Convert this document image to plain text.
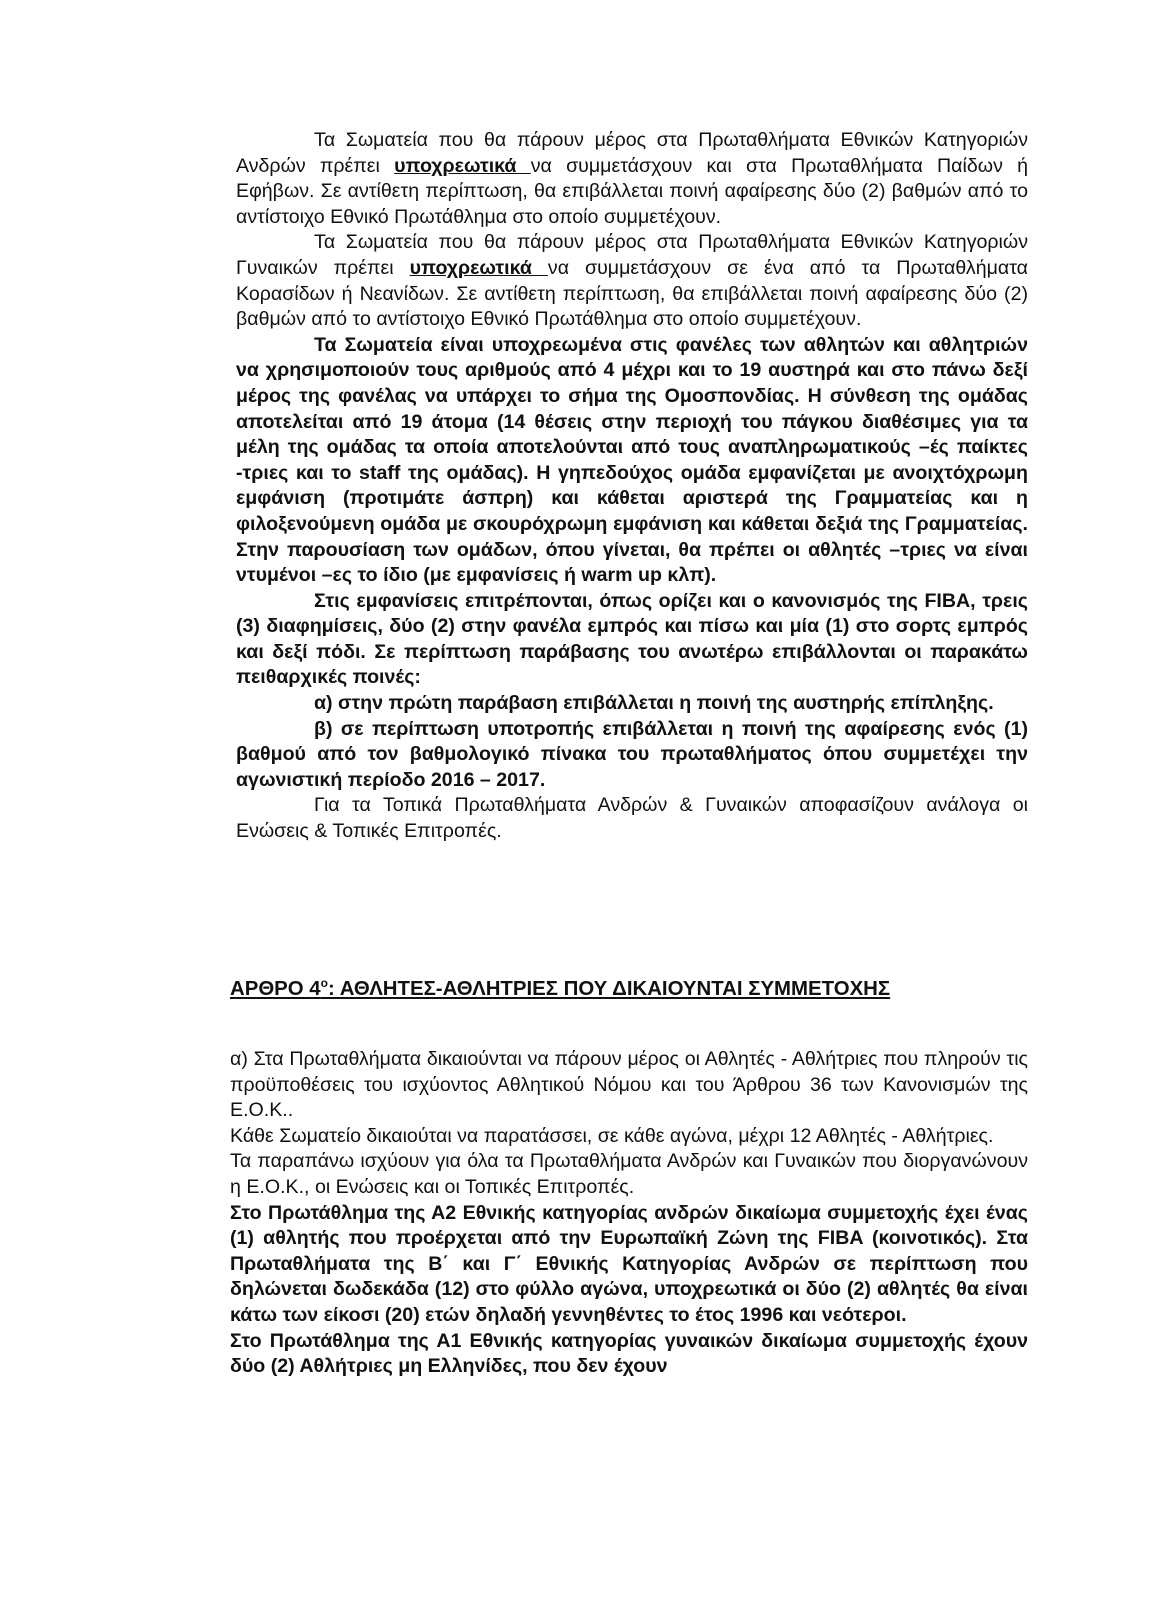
Τα Σωματεία που θα πάρουν μέρος στα Πρωταθλήματα Εθνικών Κατηγοριών Ανδρών πρέπει υποχρεωτικά να συμμετάσχουν και στα Πρωταθλήματα Παίδων ή Εφήβων. Σε αντίθετη περίπτωση, θα επιβάλλεται ποινή αφαίρεσης δύο (2) βαθμών από το αντίστοιχο Εθνικό Πρωτάθλημα στο οποίο συμμετέχουν.

Τα Σωματεία που θα πάρουν μέρος στα Πρωταθλήματα Εθνικών Κατηγοριών Γυναικών πρέπει υποχρεωτικά να συμμετάσχουν σε ένα από τα Πρωταθλήματα Κορασίδων ή Νεανίδων. Σε αντίθετη περίπτωση, θα επιβάλλεται ποινή αφαίρεσης δύο (2) βαθμών από το αντίστοιχο Εθνικό Πρωτάθλημα στο οποίο συμμετέχουν.

Τα Σωματεία είναι υποχρεωμένα στις φανέλες των αθλητών και αθλητριών να χρησιμοποιούν τους αριθμούς από 4 μέχρι και το 19 αυστηρά και στο πάνω δεξί μέρος της φανέλας να υπάρχει το σήμα της Ομοσπονδίας. Η σύνθεση της ομάδας αποτελείται από 19 άτομα (14 θέσεις στην περιοχή του πάγκου διαθέσιμες για τα μέλη της ομάδας τα οποία αποτελούνται από τους αναπληρωματικούς –ές παίκτες -τριες και το staff της ομάδας). Η γηπεδούχος ομάδα εμφανίζεται με ανοιχτόχρωμη εμφάνιση (προτιμάτε άσπρη) και κάθεται αριστερά της Γραμματείας και η φιλοξενούμενη ομάδα με σκουρόχρωμη εμφάνιση και κάθεται δεξιά της Γραμματείας. Στην παρουσίαση των ομάδων, όπου γίνεται, θα πρέπει οι αθλητές –τριες να είναι ντυμένοι –ες το ίδιο (με εμφανίσεις ή warm up κλπ).

Στις εμφανίσεις επιτρέπονται, όπως ορίζει και ο κανονισμός της FIBA, τρεις (3) διαφημίσεις, δύο (2) στην φανέλα εμπρός και πίσω και μία (1) στο σορτς εμπρός και δεξί πόδι. Σε περίπτωση παράβασης του ανωτέρω επιβάλλονται οι παρακάτω πειθαρχικές ποινές:

α) στην πρώτη παράβαση επιβάλλεται η ποινή της αυστηρής επίπληξης.

β) σε περίπτωση υποτροπής επιβάλλεται η ποινή της αφαίρεσης ενός (1) βαθμού από τον βαθμολογικό πίνακα του πρωταθλήματος όπου συμμετέχει την αγωνιστική περίοδο 2016 – 2017.

Για τα Τοπικά Πρωταθλήματα Ανδρών & Γυναικών αποφασίζουν ανάλογα οι Ενώσεις & Τοπικές Επιτροπές.

ΑΡΘΡΟ $4^o$: ΑΘΛΗΤΕΣ-ΑΘΛΗΤΡΙΕΣ ΠΟΥ ΔΙΚΑΙΟΥΝΤΑΙ ΣΥΜΜΕΤΟΧΗΣ

α) Στα Πρωταθλήματα δικαιούνται να πάρουν μέρος οι Αθλητές - Αθλήτριες που πληρούν τις προϋποθέσεις του ισχύοντος Αθλητικού Νόμου και του Άρθρου 36 των Κανονισμών της Ε.Ο.Κ..

Κάθε Σωματείο δικαιούται να παρατάσσει, σε κάθε αγώνα, μέχρι 12 Αθλητές - Αθλήτριες.

Τα παραπάνω ισχύουν για όλα τα Πρωταθλήματα Ανδρών και Γυναικών που διοργανώνουν η Ε.Ο.Κ., οι Ενώσεις και οι Τοπικές Επιτροπές.

Στο Πρωτάθλημα της Α2 Εθνικής κατηγορίας ανδρών δικαίωμα συμμετοχής έχει ένας (1) αθλητής που προέρχεται από την Ευρωπαϊκή Ζώνη της FIBA (κοινοτικός). Στα Πρωταθλήματα της Β΄ και Γ΄ Εθνικής Κατηγορίας Ανδρών σε περίπτωση που δηλώνεται δωδεκάδα (12) στο φύλλο αγώνα, υποχρεωτικά οι δύο (2) αθλητές θα είναι κάτω των είκοσι (20) ετών δηλαδή γεννηθέντες το έτος 1996 και νεότεροι.

Στο Πρωτάθλημα της Α1 Εθνικής κατηγορίας γυναικών δικαίωμα συμμετοχής έχουν δύο (2) Αθλήτριες μη Ελληνίδες, που δεν έχουν
